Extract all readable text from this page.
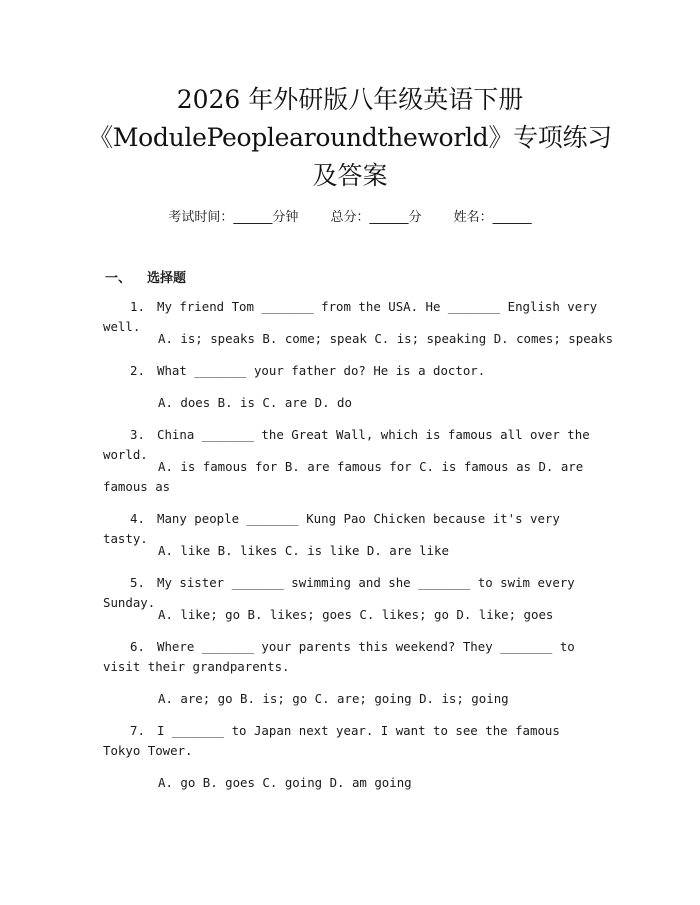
2026 年外研版八年级英语下册
《ModulePeoplearoundtheworld》专项练习
及答案
考试时间：______分钟 总分：______分 姓名：______
一、 选择题
1. My friend Tom _______ from the USA. He _______ English very well.
A. is; speaks B. come; speak C. is; speaking D. comes; speaks
2. What _______ your father do? He is a doctor.
A. does B. is C. are D. do
3. China _______ the Great Wall, which is famous all over the world.
A. is famous for B. are famous for C. is famous as D. are famous as
4. Many people _______ Kung Pao Chicken because it's very tasty.
A. like B. likes C. is like D. are like
5. My sister _______ swimming and she _______ to swim every Sunday.
A. like; go B. likes; goes C. likes; go D. like; goes
6. Where _______ your parents this weekend? They _______ to visit their grandparents.
A. are; go B. is; go C. are; going D. is; going
7. I _______ to Japan next year. I want to see the famous Tokyo Tower.
A. go B. goes C. going D. am going
